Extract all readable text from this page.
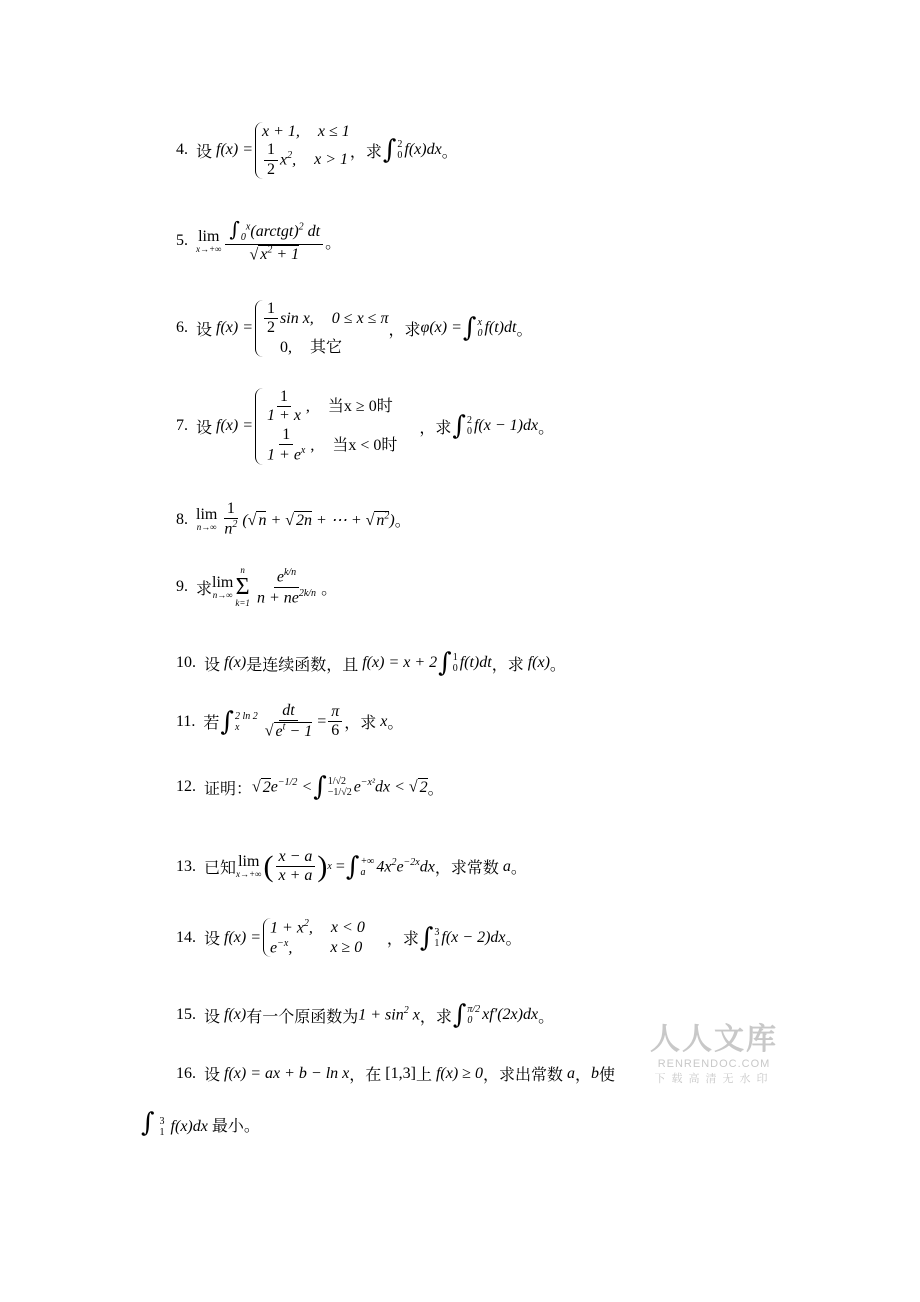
4. 设 f(x) =
x + 1, x ≤ 1
$\frac{1}{2} x^2$, x > 1 ，求 ∫ 2
0 f(x)dx 。
5. lim
$x\to+\infty \frac{\int_0^x(arctgt)^2 dt}{√ x^2 + 1}$ 。
6. 设 $f(x) = \frac{1}{2}$ sin x, 0 ≤ x ≤ π
0, 其它
，求 φ(x) = ∫ x
0 f(t)dt 。
7. 设 f(x) =
$\frac{1}{1 + x}$ , 当x ≥ 0时
$\frac{1}{1 + e^x}$ , 当x < 0时
，求 ∫ 2
0 f(x − 1)dx 。
8. lim
$n\to\infty \frac{1}{n^2}$ (√ n + √ 2n + ⋯ + √ $n^2$) 。
9. 求 lim
n→∞
n
Σ
$k=1 \frac{e^{k/n}}{n + ne^{2k/n}}$ 。
10. 设 f(x) 是连续函数，且 f(x) = x + 2 ∫ 1
0 f(t)dt ，求 f(x) 。
11. 若 ∫ 2 ln 2
x	$\frac{dt}{√ e^t - 1} = \frac{\pi}{6}$ ，求 x 。
12. 证明： √ $2e^{-1/2}$ < ∫ 1/√2
−1/√2 $e^{-x^2}dx$ < √ 2 。
13. 已知 lim
x→+∞ ( $\frac{x - a}{x + a}$ ) x = ∫ +∞
a $4x^2e^{-2x}dx$ ，求常数 a 。
14. 设 f(x) =
$1 + x^2$, x < 0
$e^{-x}$, x ≥ 0 ，求 ∫ 3
1 f(x − 2)dx 。
15. 设 f(x) 有一个原函数为 $1 + \sin^2 x$ ，求 ∫ π/2
0 xf′(2x)dx 。
16. 设 f(x) = ax + b − ln x ，在 [1,3] 上 f(x) ≥ 0 ，求出常数 a ， b 使
∫ 3
1 f(x)dx 最小。
人人文库
RENRENDOC.COM
下载高清无水印
